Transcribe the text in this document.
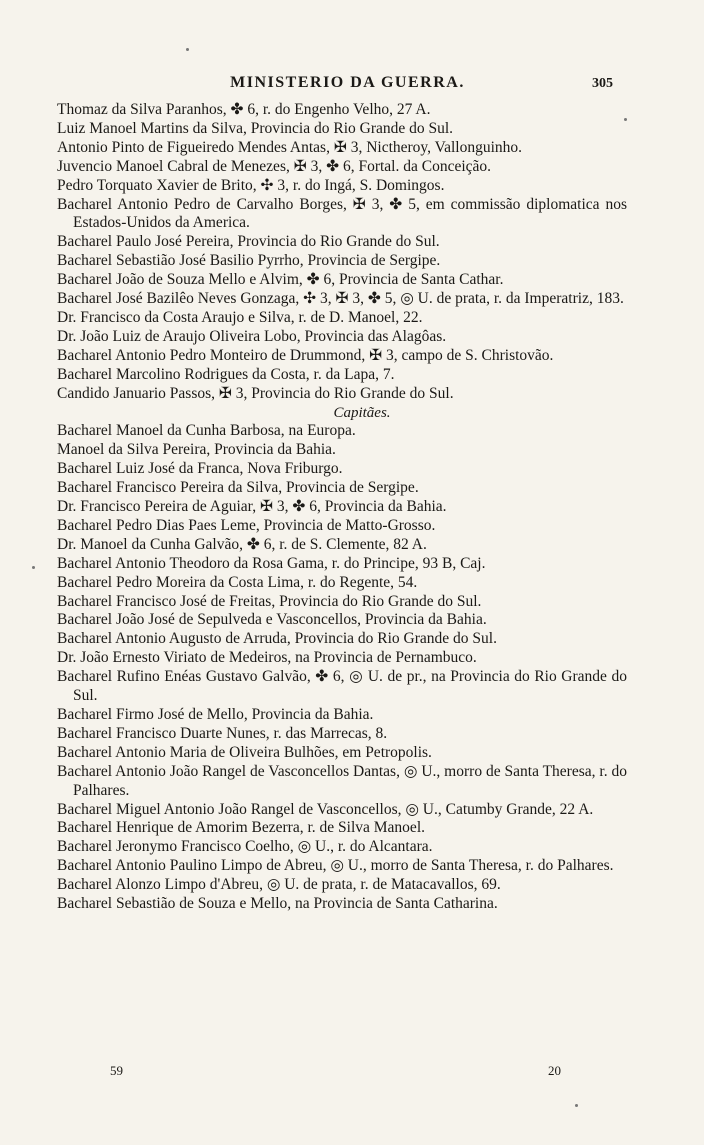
MINISTERIO DA GUERRA.	305
Thomaz da Silva Paranhos, ✤ 6, r. do Engenho Velho, 27 A.
Luiz Manoel Martins da Silva, Provincia do Rio Grande do Sul.
Antonio Pinto de Figueiredo Mendes Antas, ✠ 3, Nictheroy, Vallonguinho.
Juvencio Manoel Cabral de Menezes, ✠ 3, ✤ 6, Fortal. da Conceição.
Pedro Torquato Xavier de Brito, ✣ 3, r. do Ingá, S. Domingos.
Bacharel Antonio Pedro de Carvalho Borges, ✠ 3, ✤ 5, em commissão diplomatica nos Estados-Unidos da America.
Bacharel Paulo José Pereira, Provincia do Rio Grande do Sul.
Bacharel Sebastião José Basilio Pyrrho, Provincia de Sergipe.
Bacharel João de Souza Mello e Alvim, ✤ 6, Provincia de Santa Cathar.
Bacharel José Bazilêo Neves Gonzaga, ✣ 3, ✠ 3, ✤ 5, ◎ U. de prata, r. da Imperatriz, 183.
Dr. Francisco da Costa Araujo e Silva, r. de D. Manoel, 22.
Dr. João Luiz de Araujo Oliveira Lobo, Provincia das Alagôas.
Bacharel Antonio Pedro Monteiro de Drummond, ✠ 3, campo de S. Christovão.
Bacharel Marcolino Rodrigues da Costa, r. da Lapa, 7.
Candido Januario Passos, ✠ 3, Provincia do Rio Grande do Sul.
Capitães.
Bacharel Manoel da Cunha Barbosa, na Europa.
Manoel da Silva Pereira, Provincia da Bahia.
Bacharel Luiz José da Franca, Nova Friburgo.
Bacharel Francisco Pereira da Silva, Provincia de Sergipe.
Dr. Francisco Pereira de Aguiar, ✠ 3, ✤ 6, Provincia da Bahia.
Bacharel Pedro Dias Paes Leme, Provincia de Matto-Grosso.
Dr. Manoel da Cunha Galvão, ✤ 6, r. de S. Clemente, 82 A.
Bacharel Antonio Theodoro da Rosa Gama, r. do Principe, 93 B, Caj.
Bacharel Pedro Moreira da Costa Lima, r. do Regente, 54.
Bacharel Francisco José de Freitas, Provincia do Rio Grande do Sul.
Bacharel João José de Sepulveda e Vasconcellos, Provincia da Bahia.
Bacharel Antonio Augusto de Arruda, Provincia do Rio Grande do Sul.
Dr. João Ernesto Viriato de Medeiros, na Provincia de Pernambuco.
Bacharel Rufino Enéas Gustavo Galvão, ✤ 6, ◎ U. de pr., na Provincia do Rio Grande do Sul.
Bacharel Firmo José de Mello, Provincia da Bahia.
Bacharel Francisco Duarte Nunes, r. das Marrecas, 8.
Bacharel Antonio Maria de Oliveira Bulhões, em Petropolis.
Bacharel Antonio João Rangel de Vasconcellos Dantas, ◎ U., morro de Santa Theresa, r. do Palhares.
Bacharel Miguel Antonio João Rangel de Vasconcellos, ◎ U., Catumby Grande, 22 A.
Bacharel Henrique de Amorim Bezerra, r. de Silva Manoel.
Bacharel Jeronymo Francisco Coelho, ◎ U., r. do Alcantara.
Bacharel Antonio Paulino Limpo de Abreu, ◎ U., morro de Santa Theresa, r. do Palhares.
Bacharel Alonzo Limpo d'Abreu, ◎ U. de prata, r. de Matacavallos, 69.
Bacharel Sebastião de Souza e Mello, na Provincia de Santa Catharina.
59	20
